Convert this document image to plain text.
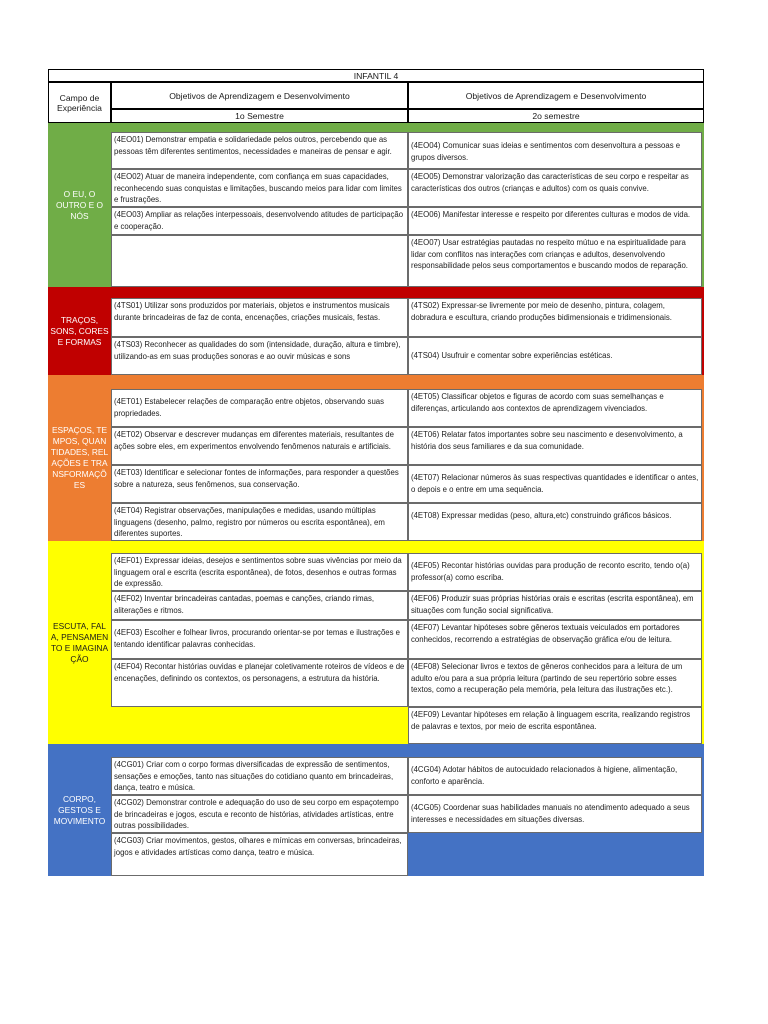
INFANTIL 4
Campo de Experiência
Objetivos de Aprendizagem e Desenvolvimento	Objetivos de Aprendizagem e Desenvolvimento
1o Semestre	2o semestre
O EU, O OUTRO E O NÓS
(4EO01) Demonstrar empatia e solidariedade pelos outros, percebendo que as pessoas têm diferentes sentimentos, necessidades e maneiras de pensar e agir.
(4EO02) Atuar de maneira independente, com confiança em suas capacidades, reconhecendo suas conquistas e limitações, buscando meios para lidar com limites e frustrações.
(4EO03) Ampliar as relações interpessoais, desenvolvendo atitudes de participação e cooperação.
(4EO04) Comunicar suas ideias e sentimentos com desenvoltura a pessoas e grupos diversos.
(4EO05) Demonstrar valorização das características de seu corpo e respeitar as características dos outros (crianças e adultos) com os quais convive.
(4EO06) Manifestar interesse e respeito por diferentes culturas e modos de vida.
(4EO07) Usar estratégias pautadas no respeito mútuo e na espiritualidade para lidar com conflitos nas interações com crianças e adultos, desenvolvendo responsabilidade pelos seus comportamentos e buscando modos de reparação.
TRAÇOS, SONS, CORES E FORMAS
(4TS01) Utilizar sons produzidos por materiais, objetos e instrumentos musicais durante brincadeiras de faz de conta, encenações, criações musicais, festas.
(4TS03) Reconhecer as qualidades do som (intensidade, duração, altura e timbre), utilizando-as em suas produções sonoras e ao ouvir músicas e sons
(4TS02) Expressar-se livremente por meio de desenho, pintura, colagem, dobradura e escultura, criando produções bidimensionais e tridimensionais.
(4TS04) Usufruir e comentar sobre experiências estéticas.
ESPAÇOS, TEMPOS, QUANTIDADES, RELAÇÕES E TRANSFORMAÇÕES
(4ET01) Estabelecer relações de comparação entre objetos, observando suas propriedades.
(4ET02) Observar e descrever mudanças em diferentes materiais, resultantes de ações sobre eles, em experimentos envolvendo fenômenos naturais e artificiais.
(4ET03) Identificar e selecionar fontes de informações, para responder a questões sobre a natureza, seus fenômenos, sua conservação.
(4ET04) Registrar observações, manipulações e medidas, usando múltiplas linguagens (desenho, palmo, registro por números ou escrita espontânea), em diferentes suportes.
(4ET05) Classificar objetos e figuras de acordo com suas semelhanças e diferenças, articulando aos contextos de aprendizagem vivenciados.
(4ET06) Relatar fatos importantes sobre seu nascimento e desenvolvimento, a história dos seus familiares e da sua comunidade.
(4ET07) Relacionar números às suas respectivas quantidades e identificar o antes, o depois e o entre em uma sequência.
(4ET08) Expressar medidas (peso, altura,etc) construindo gráficos básicos.
ESCUTA, FALA, PENSAMENTO E IMAGINAÇÃO
(4EF01) Expressar ideias, desejos e sentimentos sobre suas vivências por meio da linguagem oral e escrita (escrita espontânea), de fotos, desenhos e outras formas de expressão.
(4EF02) Inventar brincadeiras cantadas, poemas e canções, criando rimas, aliterações e ritmos.
(4EF03) Escolher e folhear livros, procurando orientar-se por temas e ilustrações e tentando identificar palavras conhecidas.
(4EF04) Recontar histórias ouvidas e planejar coletivamente roteiros de vídeos e de encenações, definindo os contextos, os personagens, a estrutura da história.
(4EF05) Recontar histórias ouvidas para produção de reconto escrito, tendo o(a) professor(a) como escriba.
(4EF06) Produzir suas próprias histórias orais e escritas (escrita espontânea), em situações com função social significativa.
(4EF07) Levantar hipóteses sobre gêneros textuais veiculados em portadores conhecidos, recorrendo a estratégias de observação gráfica e/ou de leitura.
(4EF08) Selecionar livros e textos de gêneros conhecidos para a leitura de um adulto e/ou para a sua própria leitura (partindo de seu repertório sobre esses textos, como a recuperação pela memória, pela leitura das ilustrações etc.).
(4EF09) Levantar hipóteses em relação à linguagem escrita, realizando registros de palavras e textos, por meio de escrita espontânea.
CORPO, GESTOS E MOVIMENTO
(4CG01) Criar com o corpo formas diversificadas de expressão de sentimentos, sensações e emoções, tanto nas situações do cotidiano quanto em brincadeiras, dança, teatro e música.
(4CG02) Demonstrar controle e adequação do uso de seu corpo em espaçotempo de brincadeiras e jogos, escuta e reconto de histórias, atividades artísticas, entre outras possibilidades.
(4CG03) Criar movimentos, gestos, olhares e mímicas em conversas, brincadeiras, jogos e atividades artísticas como dança, teatro e música.
(4CG04) Adotar hábitos de autocuidado relacionados à higiene, alimentação, conforto e aparência.
(4CG05) Coordenar suas habilidades manuais no atendimento adequado a seus interesses e necessidades em situações diversas.
